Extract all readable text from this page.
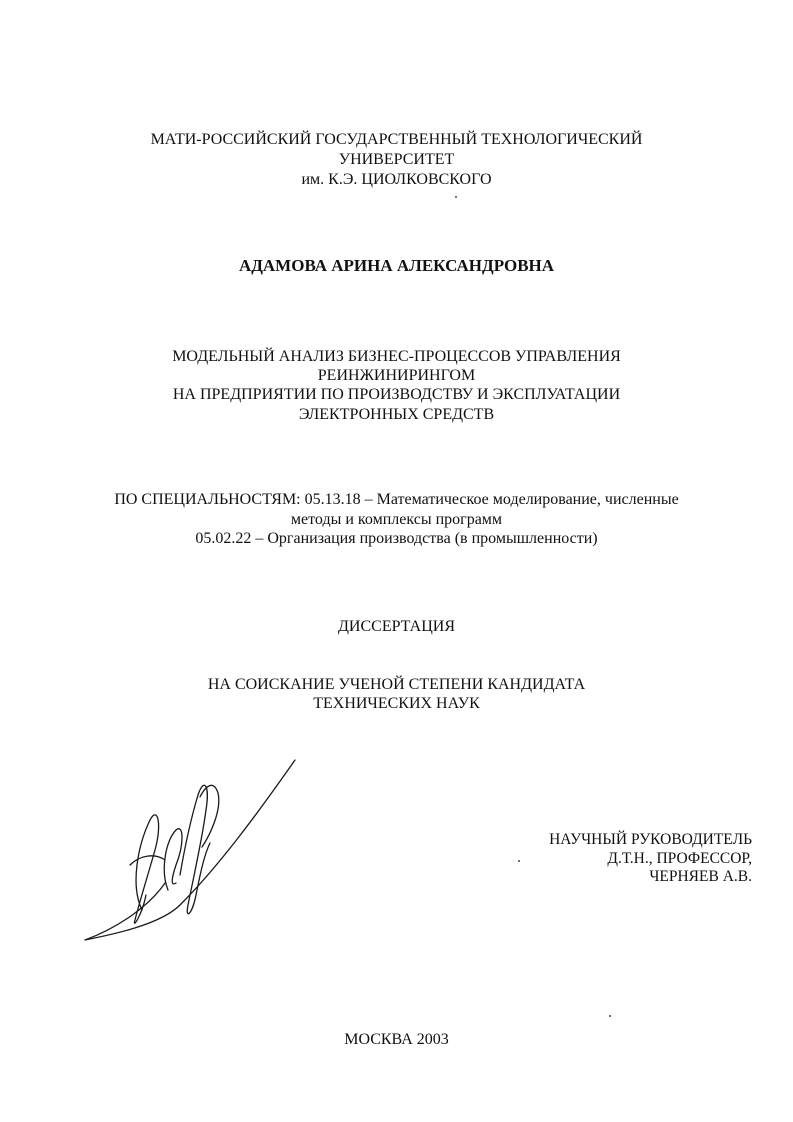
МАТИ-РОССИЙСКИЙ ГОСУДАРСТВЕННЫЙ ТЕХНОЛОГИЧЕСКИЙ
УНИВЕРСИТЕТ
им. К.Э. ЦИОЛКОВСКОГО
АДАМОВА АРИНА АЛЕКСАНДРОВНА
МОДЕЛЬНЫЙ АНАЛИЗ БИЗНЕС-ПРОЦЕССОВ УПРАВЛЕНИЯ
РЕИНЖИНИРИНГОМ
НА ПРЕДПРИЯТИИ ПО ПРОИЗВОДСТВУ И ЭКСПЛУАТАЦИИ
ЭЛЕКТРОННЫХ СРЕДСТВ
ПО СПЕЦИАЛЬНОСТЯМ: 05.13.18 – Математическое моделирование, численные
методы и комплексы программ
05.02.22 – Организация производства (в промышленности)
ДИССЕРТАЦИЯ
НА СОИСКАНИЕ УЧЕНОЙ СТЕПЕНИ КАНДИДАТА
ТЕХНИЧЕСКИХ НАУК
НАУЧНЫЙ РУКОВОДИТЕЛЬ
Д.Т.Н., ПРОФЕССОР,
ЧЕРНЯЕВ А.В.
МОСКВА 2003
